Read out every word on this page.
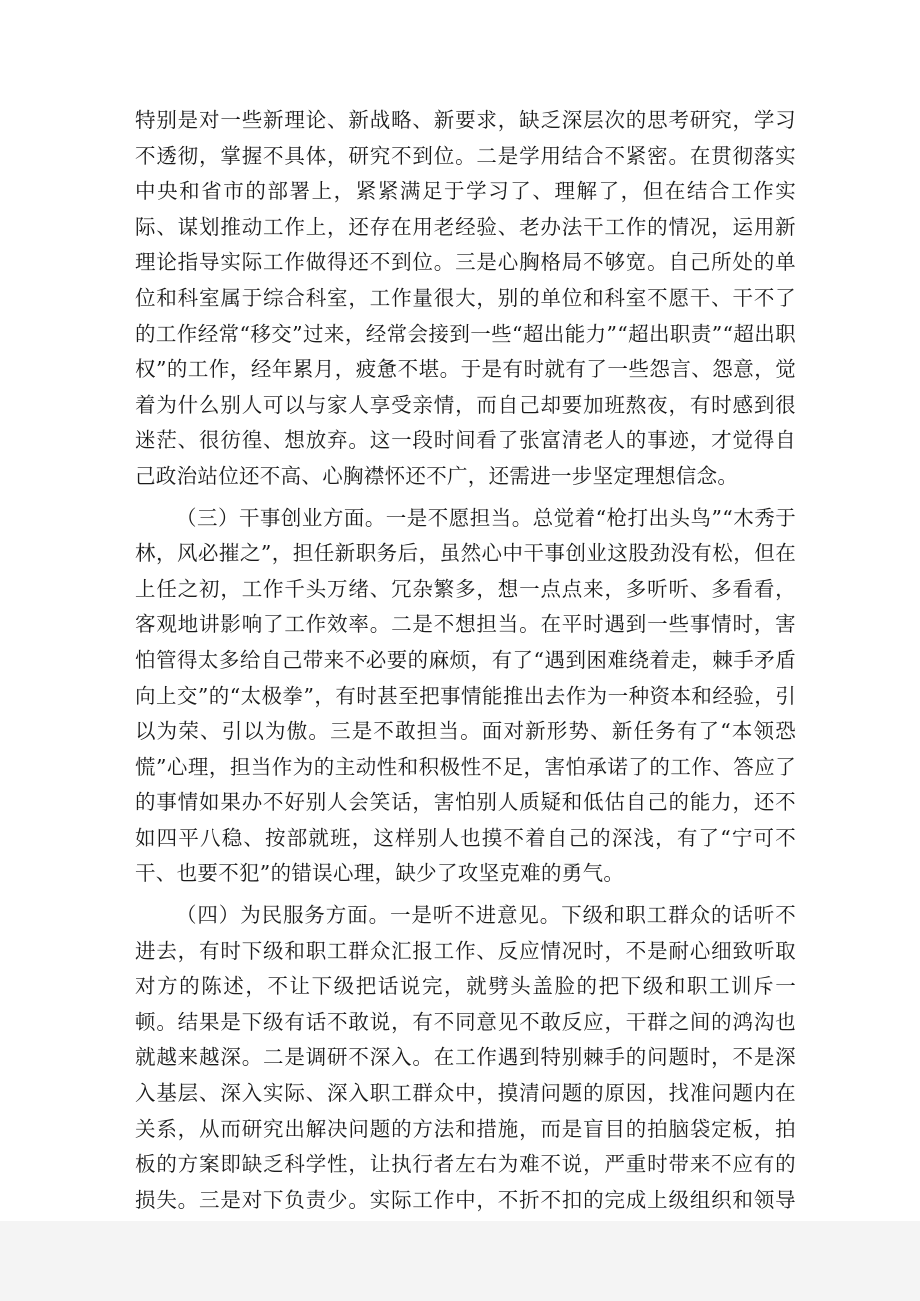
特别是对一些新理论、新战略、新要求，缺乏深层次的思考研究，学习不透彻，掌握不具体，研究不到位。二是学用结合不紧密。在贯彻落实中央和省市的部署上，紧紧满足于学习了、理解了，但在结合工作实际、谋划推动工作上，还存在用老经验、老办法干工作的情况，运用新理论指导实际工作做得还不到位。三是心胸格局不够宽。自己所处的单位和科室属于综合科室，工作量很大，别的单位和科室不愿干、干不了的工作经常“移交”过来，经常会接到一些“超出能力”“超出职责”“超出职权”的工作，经年累月，疲惫不堪。于是有时就有了一些怨言、怨意，觉着为什么别人可以与家人享受亲情，而自己却要加班熬夜，有时感到很迷茫、很彷徨、想放弃。这一段时间看了张富清老人的事迹，才觉得自己政治站位还不高、心胸襟怀还不广，还需进一步坚定理想信念。

（三）干事创业方面。一是不愿担当。总觉着“枪打出头鸟”“木秀于林，风必摧之”，担任新职务后，虽然心中干事创业这股劲没有松，但在上任之初，工作千头万绪、冗杂繁多，想一点点来，多听听、多看看，客观地讲影响了工作效率。二是不想担当。在平时遇到一些事情时，害怕管得太多给自己带来不必要的麻烦，有了“遇到困难绕着走，棘手矛盾向上交”的“太极拳”，有时甚至把事情能推出去作为一种资本和经验，引以为荣、引以为傲。三是不敢担当。面对新形势、新任务有了“本领恐慌”心理，担当作为的主动性和积极性不足，害怕承诺了的工作、答应了的事情如果办不好别人会笑话，害怕别人质疑和低估自己的能力，还不如四平八稳、按部就班，这样别人也摸不着自己的深浅，有了“宁可不干、也要不犯”的错误心理，缺少了攻坚克难的勇气。

（四）为民服务方面。一是听不进意见。下级和职工群众的话听不进去，有时下级和职工群众汇报工作、反应情况时，不是耐心细致听取对方的陈述，不让下级把话说完，就劈头盖脸的把下级和职工训斥一顿。结果是下级有话不敢说，有不同意见不敢反应，干群之间的鸿沟也就越来越深。二是调研不深入。在工作遇到特别棘手的问题时，不是深入基层、深入实际、深入职工群众中，摸清问题的原因，找准问题内在关系，从而研究出解决问题的方法和措施，而是盲目的拍脑袋定板，拍板的方案即缺乏科学性，让执行者左右为难不说，严重时带来不应有的损失。三是对下负责少。实际工作中，不折不扣的完成上级组织和领导
